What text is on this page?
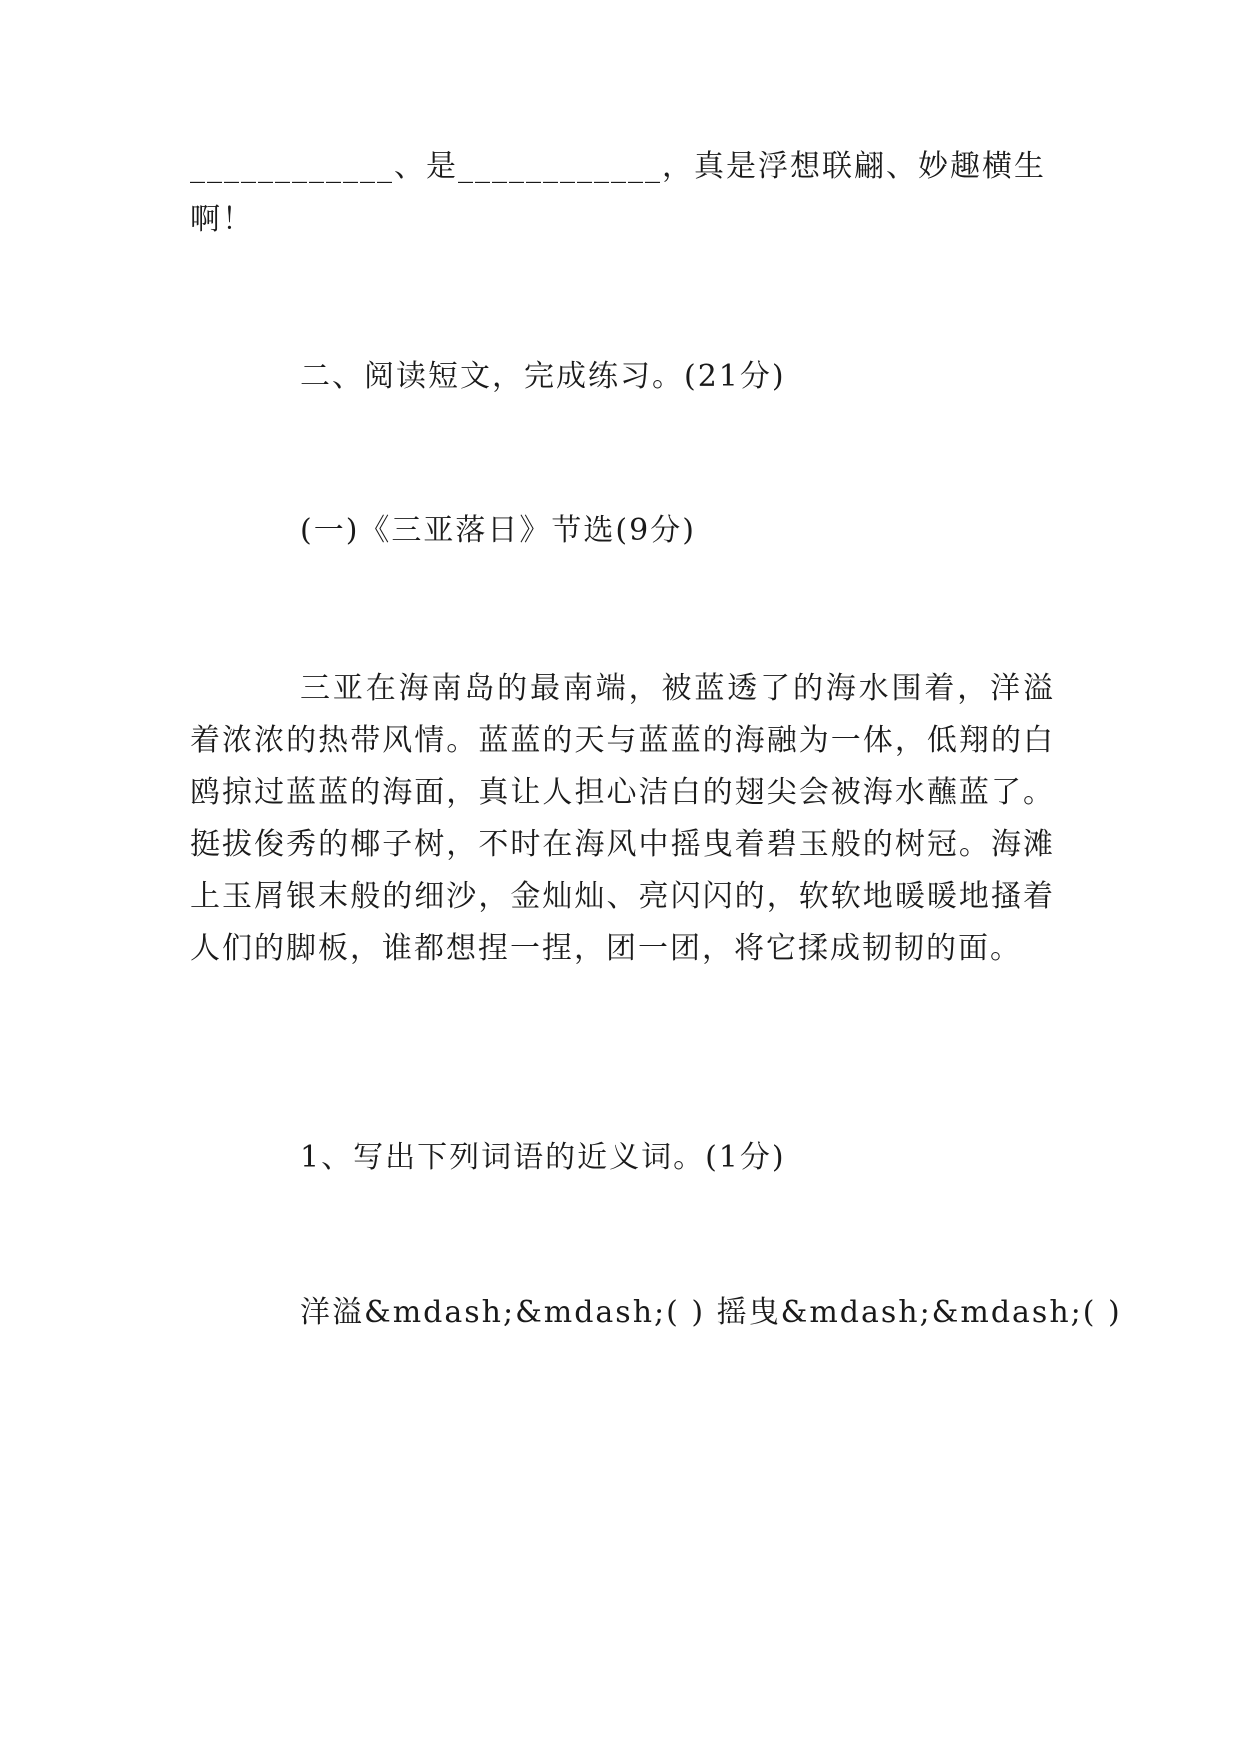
____________、是____________，真是浮想联翩、妙趣横生
啊！
二、阅读短文，完成练习。(21分)
(一)《三亚落日》节选(9分)
三亚在海南岛的最南端，被蓝透了的海水围着，洋溢着浓浓的热带风情。蓝蓝的天与蓝蓝的海融为一体，低翔的白鸥掠过蓝蓝的海面，真让人担心洁白的翅尖会被海水蘸蓝了。挺拔俊秀的椰子树，不时在海风中摇曳着碧玉般的树冠。海滩上玉屑银末般的细沙，金灿灿、亮闪闪的，软软地暖暖地搔着人们的脚板，谁都想捏一捏，团一团，将它揉成韧韧的面。
1、写出下列词语的近义词。(1分)
洋溢&mdash;&mdash;( ) 摇曳&mdash;&mdash;( )
